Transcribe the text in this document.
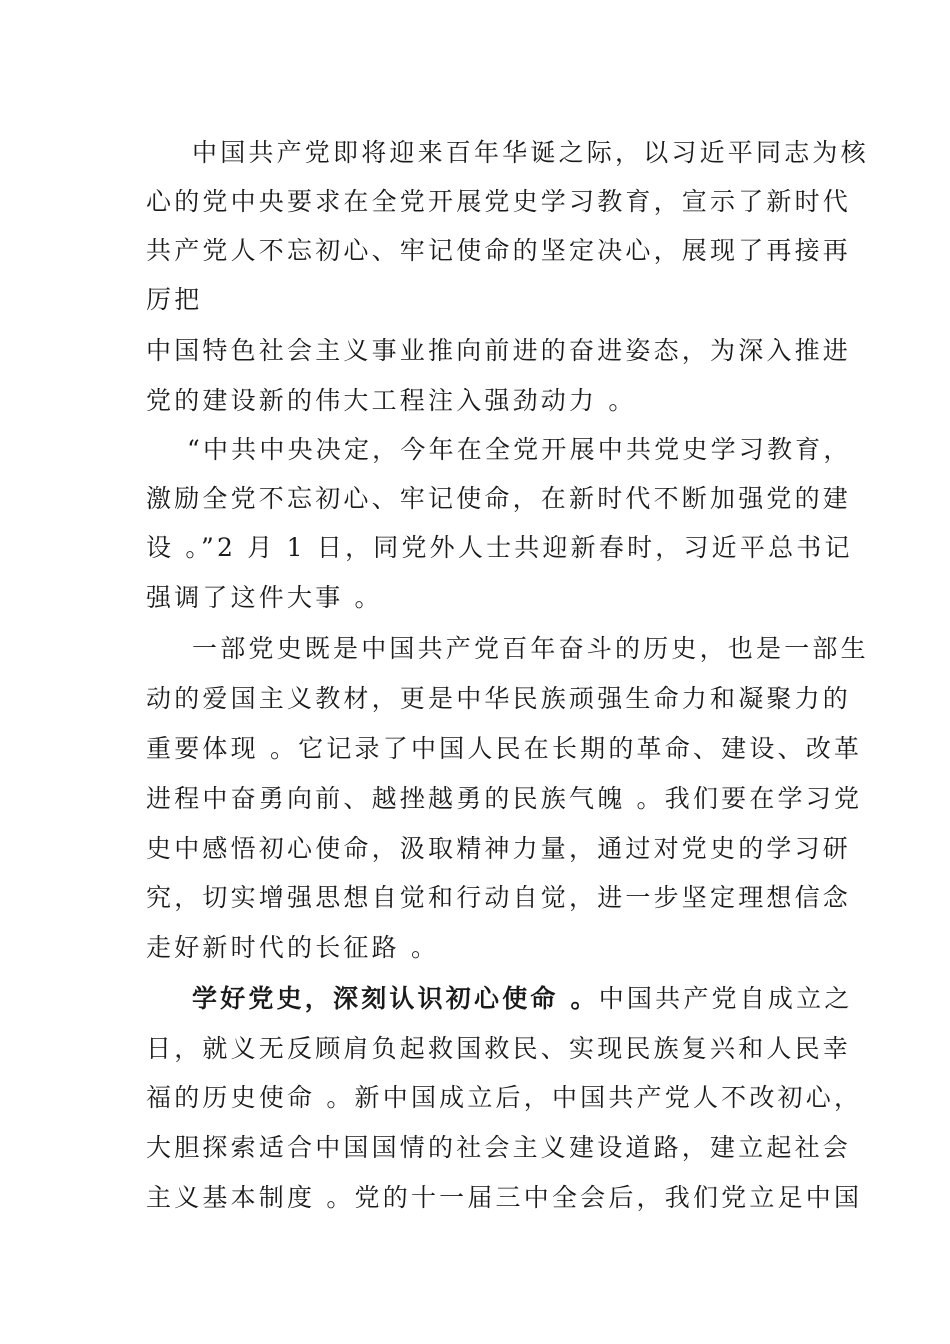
中国共产党即将迎来百年华诞之际，以习近平同志为核
心的党中央要求在全党开展党史学习教育，宣示了新时代
共产党人不忘初心、牢记使命的坚定决心，展现了再接再
厉把
中国特色社会主义事业推向前进的奋进姿态，为深入推进
党的建设新的伟大工程注入强劲动力 。
“中共中央决定，今年在全党开展中共党史学习教育，
激励全党不忘初心、牢记使命，在新时代不断加强党的建
设 。”2 月 1 日，同党外人士共迎新春时，习近平总书记
强调了这件大事 。
一部党史既是中国共产党百年奋斗的历史，也是一部生
动的爱国主义教材，更是中华民族顽强生命力和凝聚力的
重要体现 。它记录了中国人民在长期的革命、建设、改革
进程中奋勇向前、越挫越勇的民族气魄 。我们要在学习党
史中感悟初心使命，汲取精神力量，通过对党史的学习研
究，切实增强思想自觉和行动自觉，进一步坚定理想信念
走好新时代的长征路 。
学好党史，深刻认识初心使命 。中国共产党自成立之
日，就义无反顾肩负起救国救民、实现民族复兴和人民幸
福的历史使命 。新中国成立后，中国共产党人不改初心，
大胆探索适合中国国情的社会主义建设道路，建立起社会
主义基本制度 。党的十一届三中全会后，我们党立足中国
